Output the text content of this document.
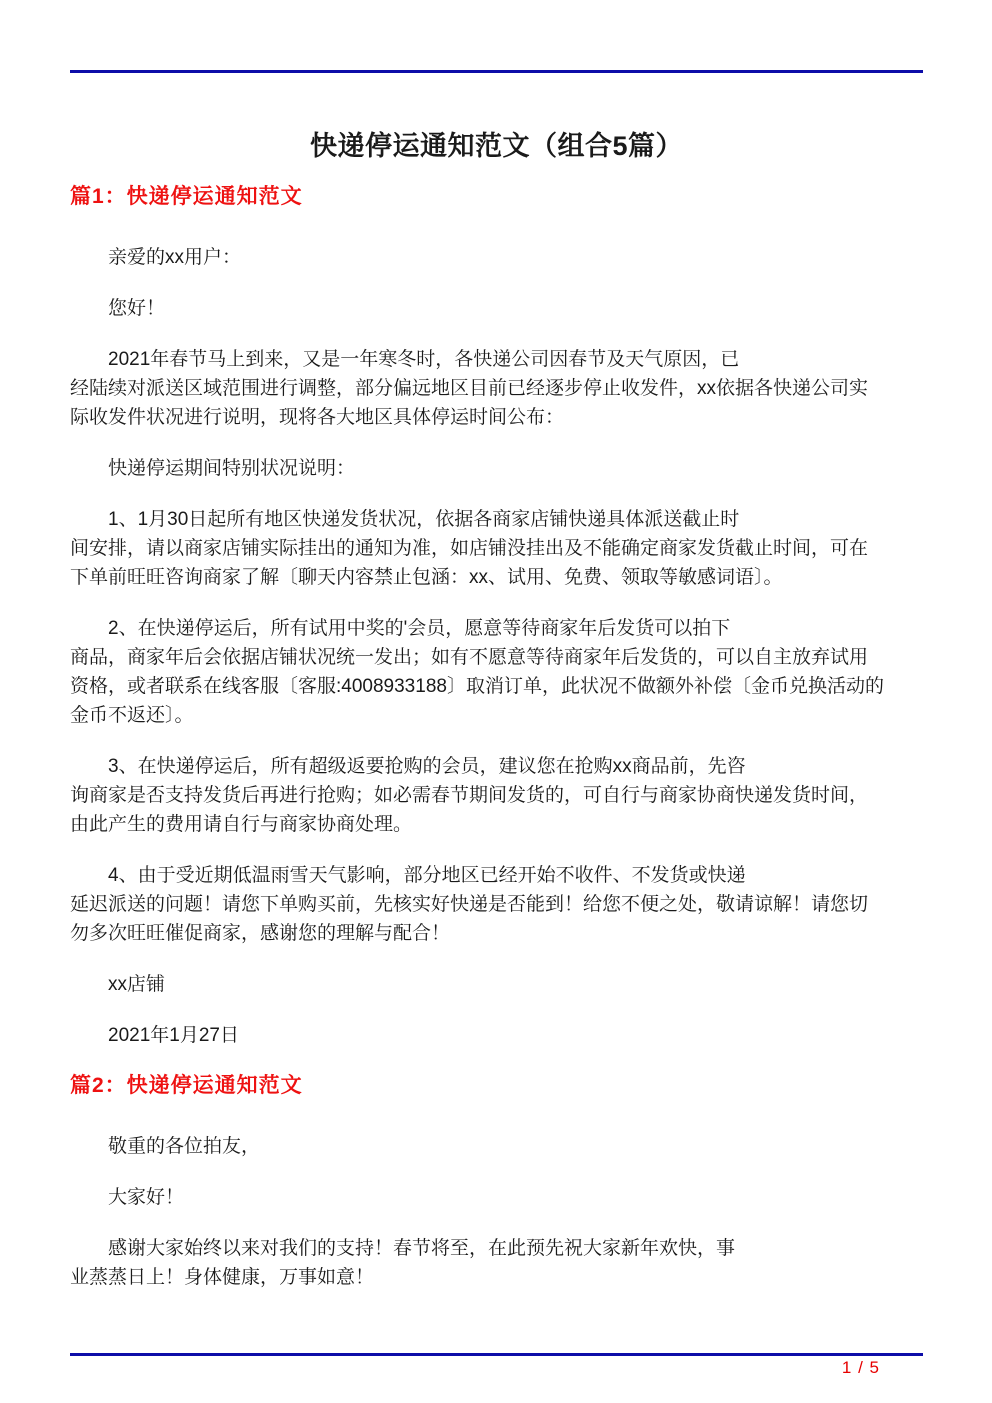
快递停运通知范文（组合5篇）
篇1：快递停运通知范文
亲爱的xx用户：
您好！
2021年春节马上到来，又是一年寒冬时，各快递公司因春节及天气原因，已
经陆续对派送区域范围进行调整，部分偏远地区目前已经逐步停止收发件，xx依据各快递公司实
际收发件状况进行说明，现将各大地区具体停运时间公布：
快递停运期间特别状况说明：
1、1月30日起所有地区快递发货状况，依据各商家店铺快递具体派送截止时
间安排，请以商家店铺实际挂出的通知为准，如店铺没挂出及不能确定商家发货截止时间，可在
下单前旺旺咨询商家了解〔聊天内容禁止包涵：xx、试用、免费、领取等敏感词语〕。
2、在快递停运后，所有试用中奖的'会员，愿意等待商家年后发货可以拍下
商品，商家年后会依据店铺状况统一发出；如有不愿意等待商家年后发货的，可以自主放弃试用
资格，或者联系在线客服〔客服:4008933188〕取消订单，此状况不做额外补偿〔金币兑换活动的
金币不返还〕。
3、在快递停运后，所有超级返要抢购的会员，建议您在抢购xx商品前，先咨
询商家是否支持发货后再进行抢购；如必需春节期间发货的，可自行与商家协商快递发货时间，
由此产生的费用请自行与商家协商处理。
4、由于受近期低温雨雪天气影响，部分地区已经开始不收件、不发货或快递
延迟派送的问题！请您下单购买前，先核实好快递是否能到！给您不便之处，敬请谅解！请您切
勿多次旺旺催促商家，感谢您的理解与配合！
xx店铺
2021年1月27日
篇2：快递停运通知范文
敬重的各位拍友，
大家好！
感谢大家始终以来对我们的支持！春节将至，在此预先祝大家新年欢快，事
业蒸蒸日上！身体健康，万事如意！
1 / 5
